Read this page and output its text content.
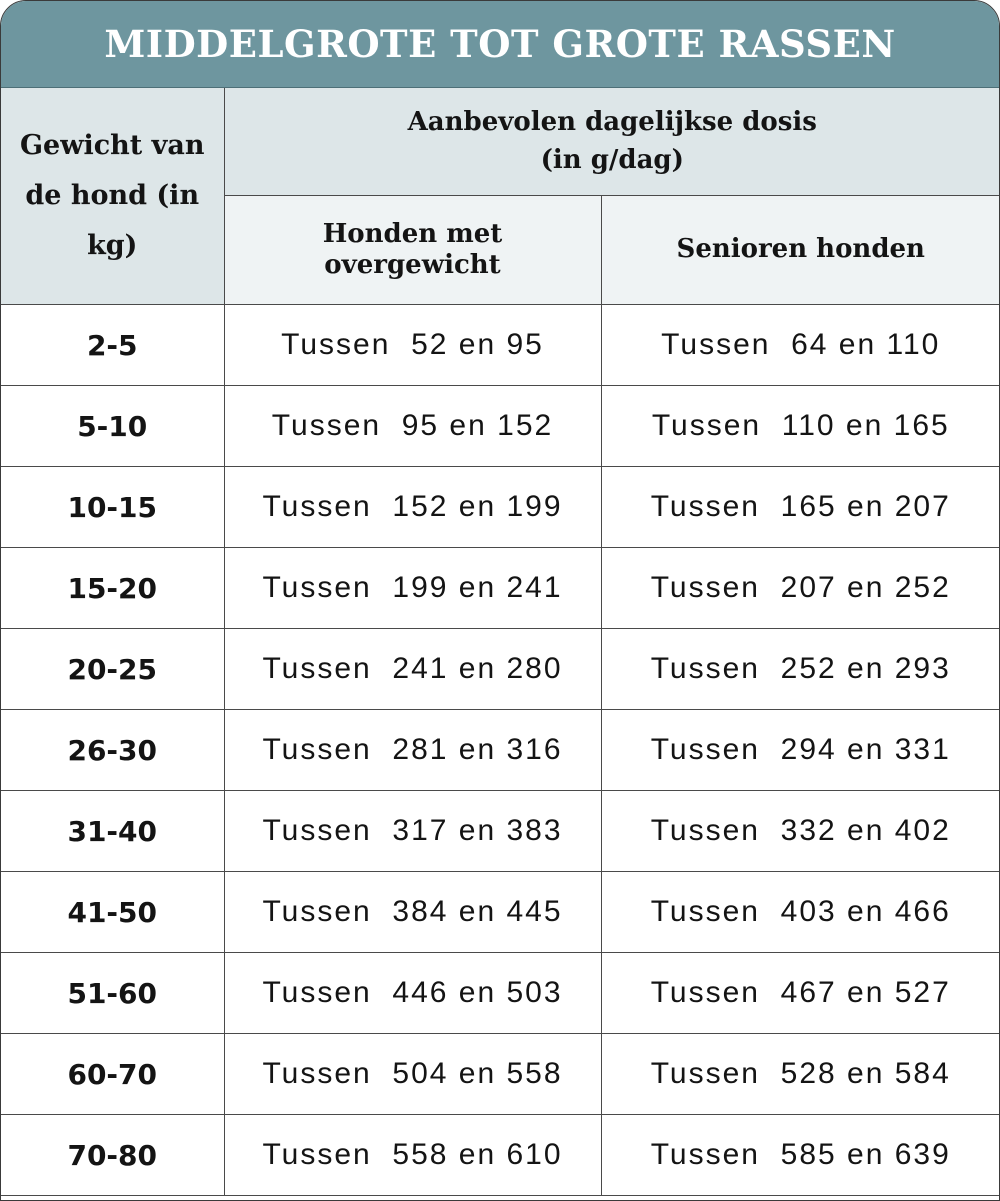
MIDDELGROTE TOT GROTE RASSEN
Gewicht van de hond (in kg)	Aanbevolen dagelijkse dosis
(in g/dag)	

	Honden met overgewicht	Senioren honden
2-5	Tussen  52 en 95	Tussen  64 en 110
5-10	Tussen  95 en 152	Tussen  110 en 165
10-15	Tussen  152 en 199	Tussen  165 en 207
15-20	Tussen  199 en 241	Tussen  207 en 252
20-25	Tussen  241 en 280	Tussen  252 en 293
26-30	Tussen  281 en 316	Tussen  294 en 331
31-40	Tussen  317 en 383	Tussen  332 en 402
41-50	Tussen  384 en 445	Tussen  403 en 466
51-60	Tussen  446 en 503	Tussen  467 en 527
60-70	Tussen  504 en 558	Tussen  528 en 584
70-80	Tussen  558 en 610	Tussen  585 en 639
